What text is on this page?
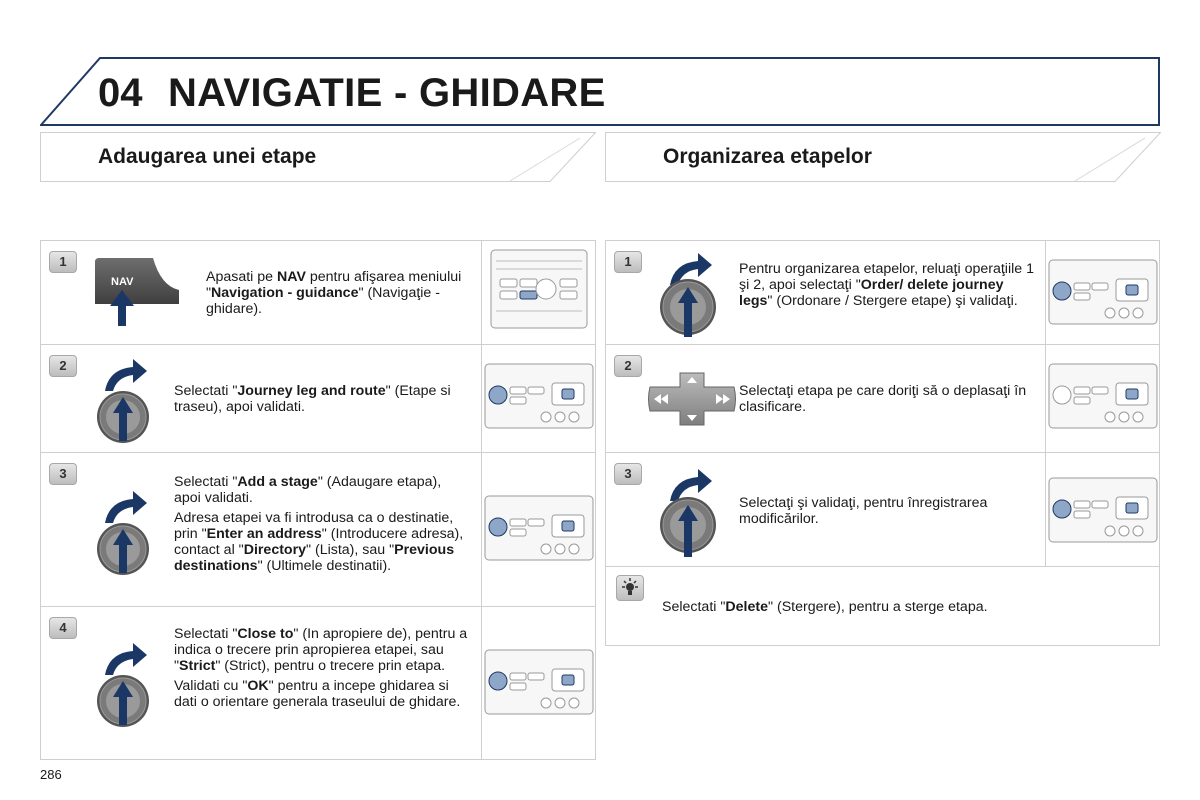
04 NAVIGATIE - GHIDARE
Adaugarea unei etape	Organizarea etapelor
1
NAV	Apasati pe NAV pentru afişarea meniului "Navigation - guidance" (Navigaţie - ghidare).

2

Selectati "Journey leg and route" (Etape si traseu), apoi validati.

3

Selectati "Add a stage" (Adaugare etapa), apoi validati.

Adresa etapei va fi introdusa ca o destinatie, prin "Enter an address" (Introducere adresa), contact al "Directory" (Lista), sau "Previous destinations" (Ultimele destinatii).

4	Selectati "Close to" (In apropiere de), pentru a indica o trecere prin apropierea etapei, sau "Strict" (Strict), pentru o trecere prin etapa.

Validati cu "OK" pentru a incepe ghidarea si dati o orientare generala traseului de ghidare.

1	Pentru organizarea etapelor, reluaţi operaţiile 1 şi 2, apoi selectaţi "Order/ delete journey legs" (Ordonare / Stergere etape) şi validaţi.

2

Selectaţi etapa pe care doriţi să o deplasaţi în clasificare.

3

Selectaţi şi validaţi, pentru înregistrarea modificărilor.

Selectati "Delete" (Stergere), pentru a sterge etapa.
286
